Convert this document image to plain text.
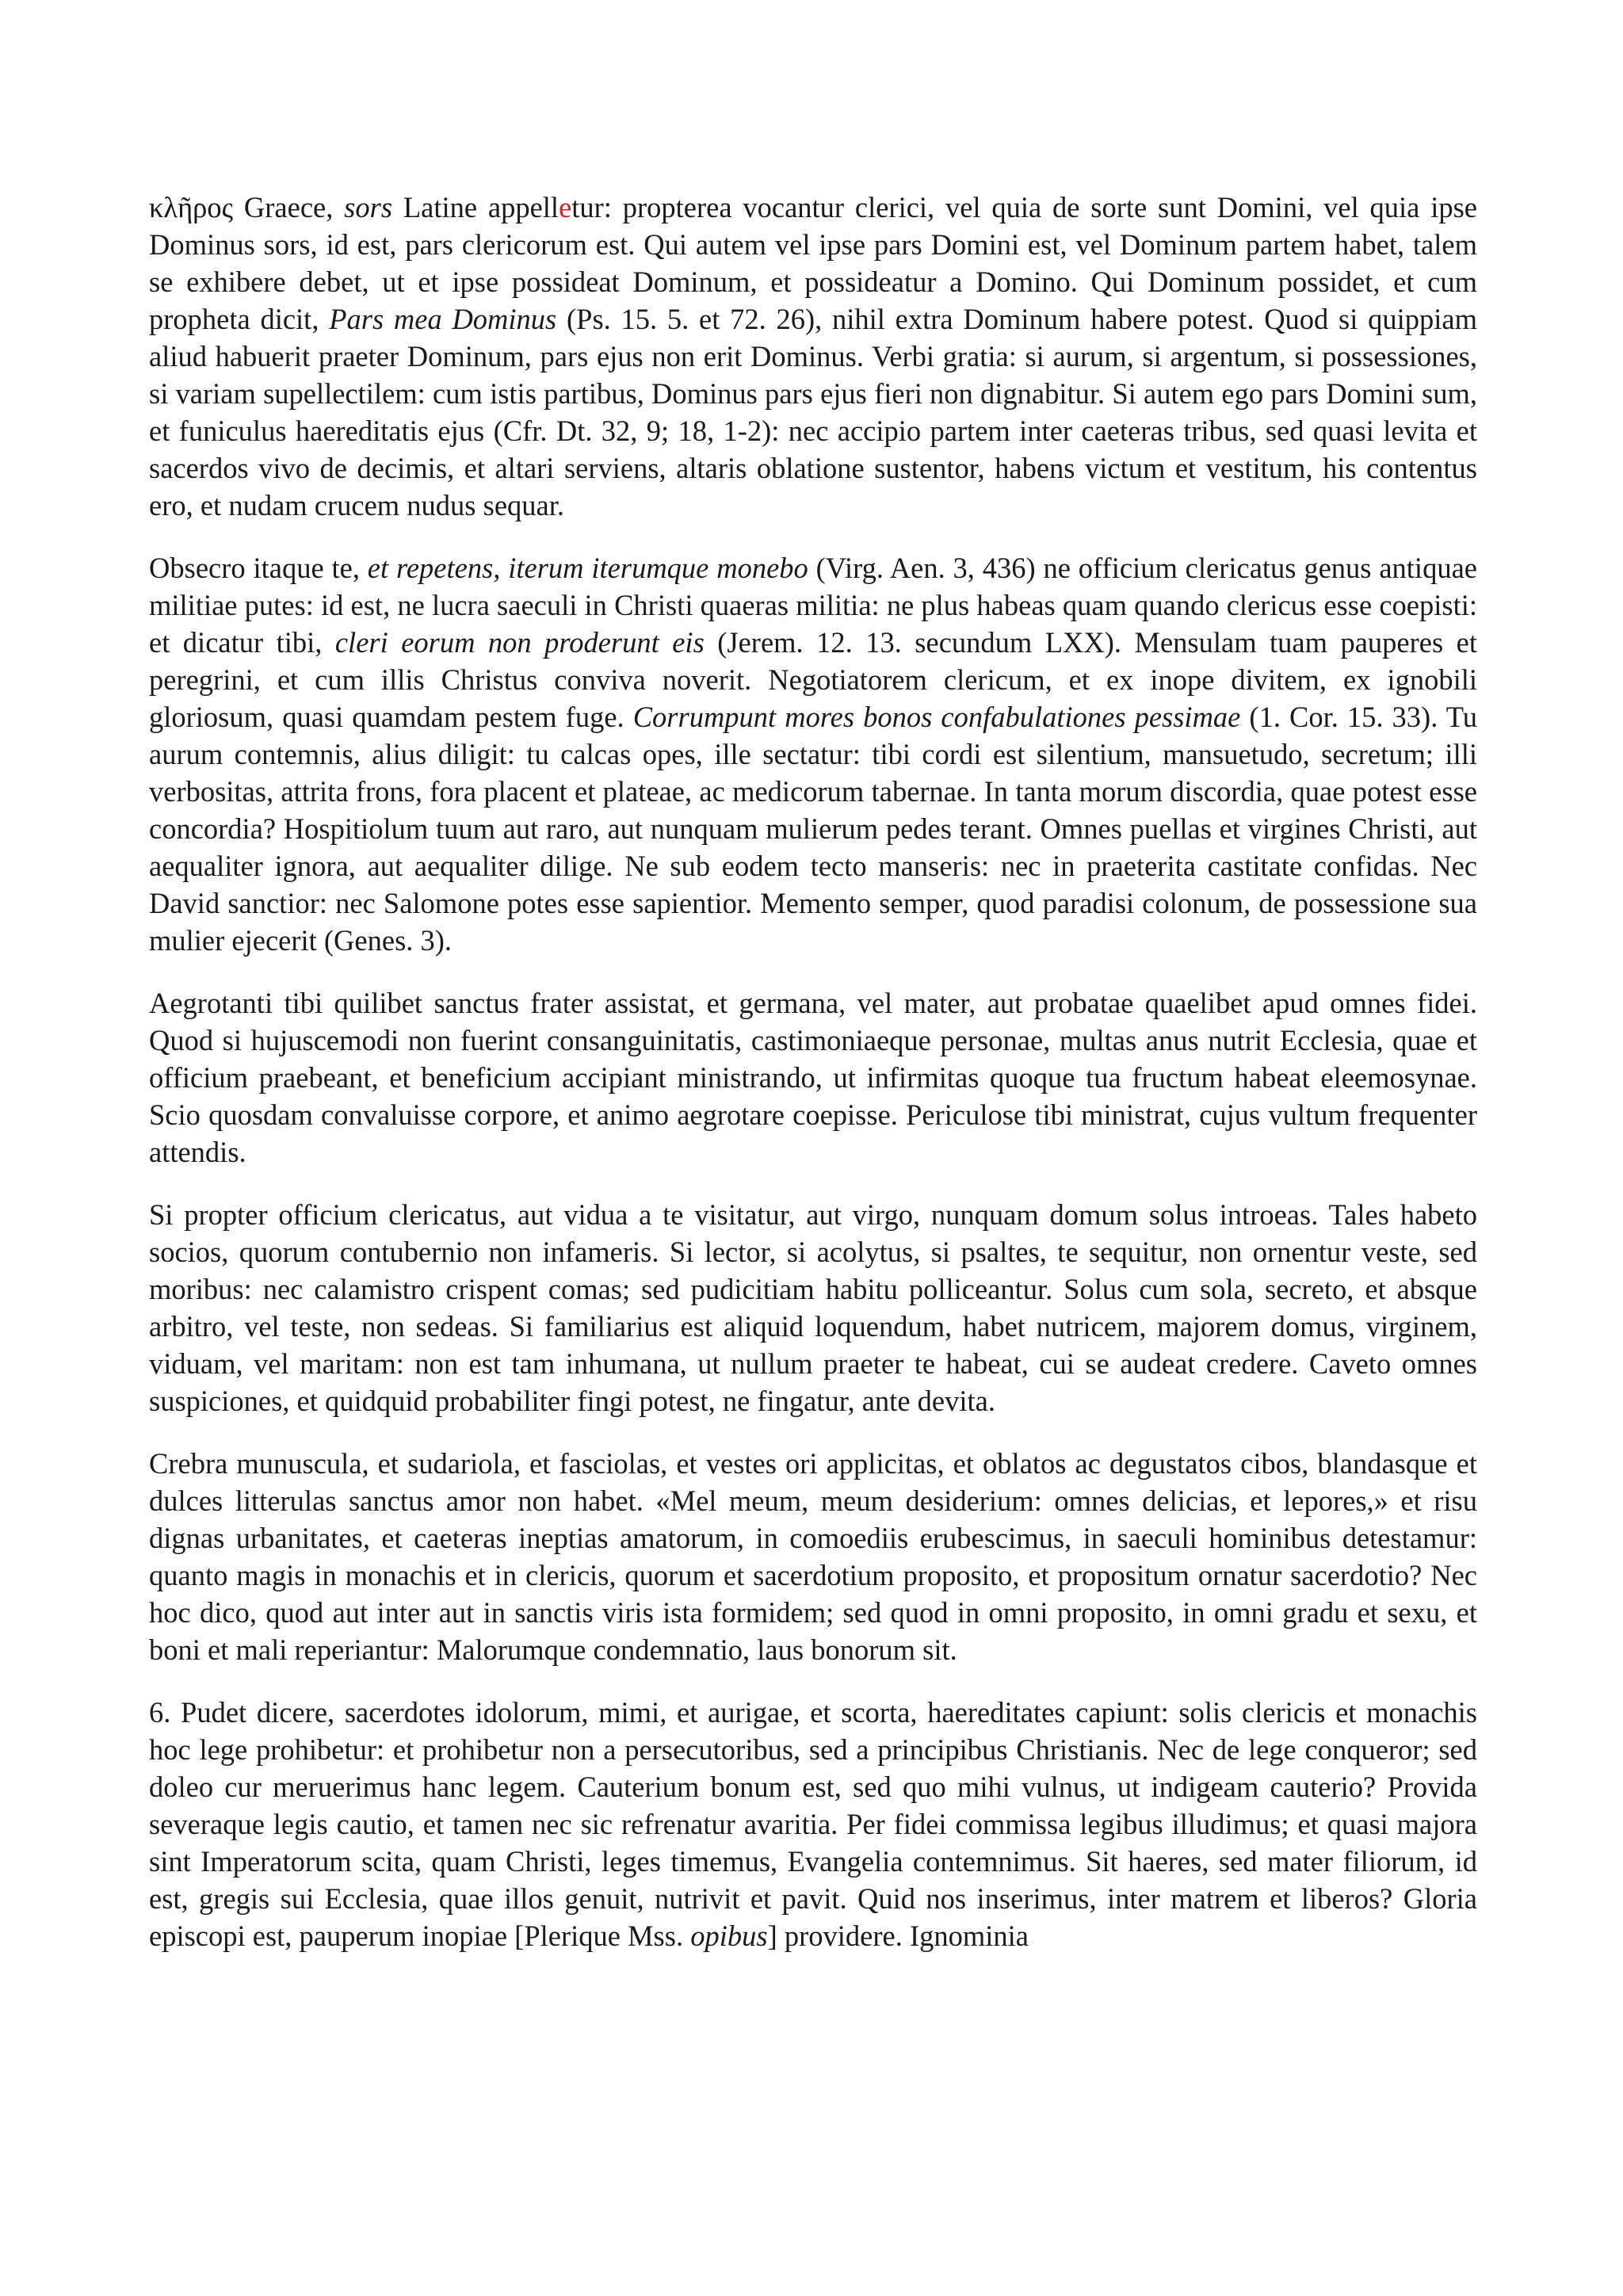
κλῆρος Graece, sors Latine appelletur: propterea vocantur clerici, vel quia de sorte sunt Domini, vel quia ipse Dominus sors, id est, pars clericorum est. Qui autem vel ipse pars Domini est, vel Dominum partem habet, talem se exhibere debet, ut et ipse possideat Dominum, et possideatur a Domino. Qui Dominum possidet, et cum propheta dicit, Pars mea Dominus (Ps. 15. 5. et 72. 26), nihil extra Dominum habere potest. Quod si quippiam aliud habuerit praeter Dominum, pars ejus non erit Dominus. Verbi gratia: si aurum, si argentum, si possessiones, si variam supellectilem: cum istis partibus, Dominus pars ejus fieri non dignabitur. Si autem ego pars Domini sum, et funiculus haereditatis ejus (Cfr. Dt. 32, 9; 18, 1-2): nec accipio partem inter caeteras tribus, sed quasi levita et sacerdos vivo de decimis, et altari serviens, altaris oblatione sustentor, habens victum et vestitum, his contentus ero, et nudam crucem nudus sequar.

Obsecro itaque te, et repetens, iterum iterumque monebo (Virg. Aen. 3, 436) ne officium clericatus genus antiquae militiae putes: id est, ne lucra saeculi in Christi quaeras militia: ne plus habeas quam quando clericus esse coepisti: et dicatur tibi, cleri eorum non proderunt eis (Jerem. 12. 13. secundum LXX). Mensulam tuam pauperes et peregrini, et cum illis Christus conviva noverit. Negotiatorem clericum, et ex inope divitem, ex ignobili gloriosum, quasi quamdam pestem fuge. Corrumpunt mores bonos confabulationes pessimae (1. Cor. 15. 33). Tu aurum contemnis, alius diligit: tu calcas opes, ille sectatur: tibi cordi est silentium, mansuetudo, secretum; illi verbositas, attrita frons, fora placent et plateae, ac medicorum tabernae. In tanta morum discordia, quae potest esse concordia? Hospitiolum tuum aut raro, aut nunquam mulierum pedes terant. Omnes puellas et virgines Christi, aut aequaliter ignora, aut aequaliter dilige. Ne sub eodem tecto manseris: nec in praeterita castitate confidas. Nec David sanctior: nec Salomone potes esse sapientior. Memento semper, quod paradisi colonum, de possessione sua mulier ejecerit (Genes. 3).

Aegrotanti tibi quilibet sanctus frater assistat, et germana, vel mater, aut probatae quaelibet apud omnes fidei. Quod si hujuscemodi non fuerint consanguinitatis, castimoniaeque personae, multas anus nutrit Ecclesia, quae et officium praebeant, et beneficium accipiant ministrando, ut infirmitas quoque tua fructum habeat eleemosynae. Scio quosdam convaluisse corpore, et animo aegrotare coepisse. Periculose tibi ministrat, cujus vultum frequenter attendis.

Si propter officium clericatus, aut vidua a te visitatur, aut virgo, nunquam domum solus introeas. Tales habeto socios, quorum contubernio non infameris. Si lector, si acolytus, si psaltes, te sequitur, non ornentur veste, sed moribus: nec calamistro crispent comas; sed pudicitiam habitu polliceantur. Solus cum sola, secreto, et absque arbitro, vel teste, non sedeas. Si familiarius est aliquid loquendum, habet nutricem, majorem domus, virginem, viduam, vel maritam: non est tam inhumana, ut nullum praeter te habeat, cui se audeat credere. Caveto omnes suspiciones, et quidquid probabiliter fingi potest, ne fingatur, ante devita.

Crebra munuscula, et sudariola, et fasciolas, et vestes ori applicitas, et oblatos ac degustatos cibos, blandasque et dulces litterulas sanctus amor non habet. «Mel meum, meum desiderium: omnes delicias, et lepores,» et risu dignas urbanitates, et caeteras ineptias amatorum, in comoediis erubescimus, in saeculi hominibus detestamur: quanto magis in monachis et in clericis, quorum et sacerdotium proposito, et propositum ornatur sacerdotio? Nec hoc dico, quod aut inter aut in sanctis viris ista formidem; sed quod in omni proposito, in omni gradu et sexu, et boni et mali reperiantur: Malorumque condemnatio, laus bonorum sit.

6. Pudet dicere, sacerdotes idolorum, mimi, et aurigae, et scorta, haereditates capiunt: solis clericis et monachis hoc lege prohibetur: et prohibetur non a persecutoribus, sed a principibus Christianis. Nec de lege conqueror; sed doleo cur meruerimus hanc legem. Cauterium bonum est, sed quo mihi vulnus, ut indigeam cauterio? Provida severaque legis cautio, et tamen nec sic refrenatur avaritia. Per fidei commissa legibus illudimus; et quasi majora sint Imperatorum scita, quam Christi, leges timemus, Evangelia contemnimus. Sit haeres, sed mater filiorum, id est, gregis sui Ecclesia, quae illos genuit, nutrivit et pavit. Quid nos inserimus, inter matrem et liberos? Gloria episcopi est, pauperum inopiae [Plerique Mss. opibus] providere. Ignominia
